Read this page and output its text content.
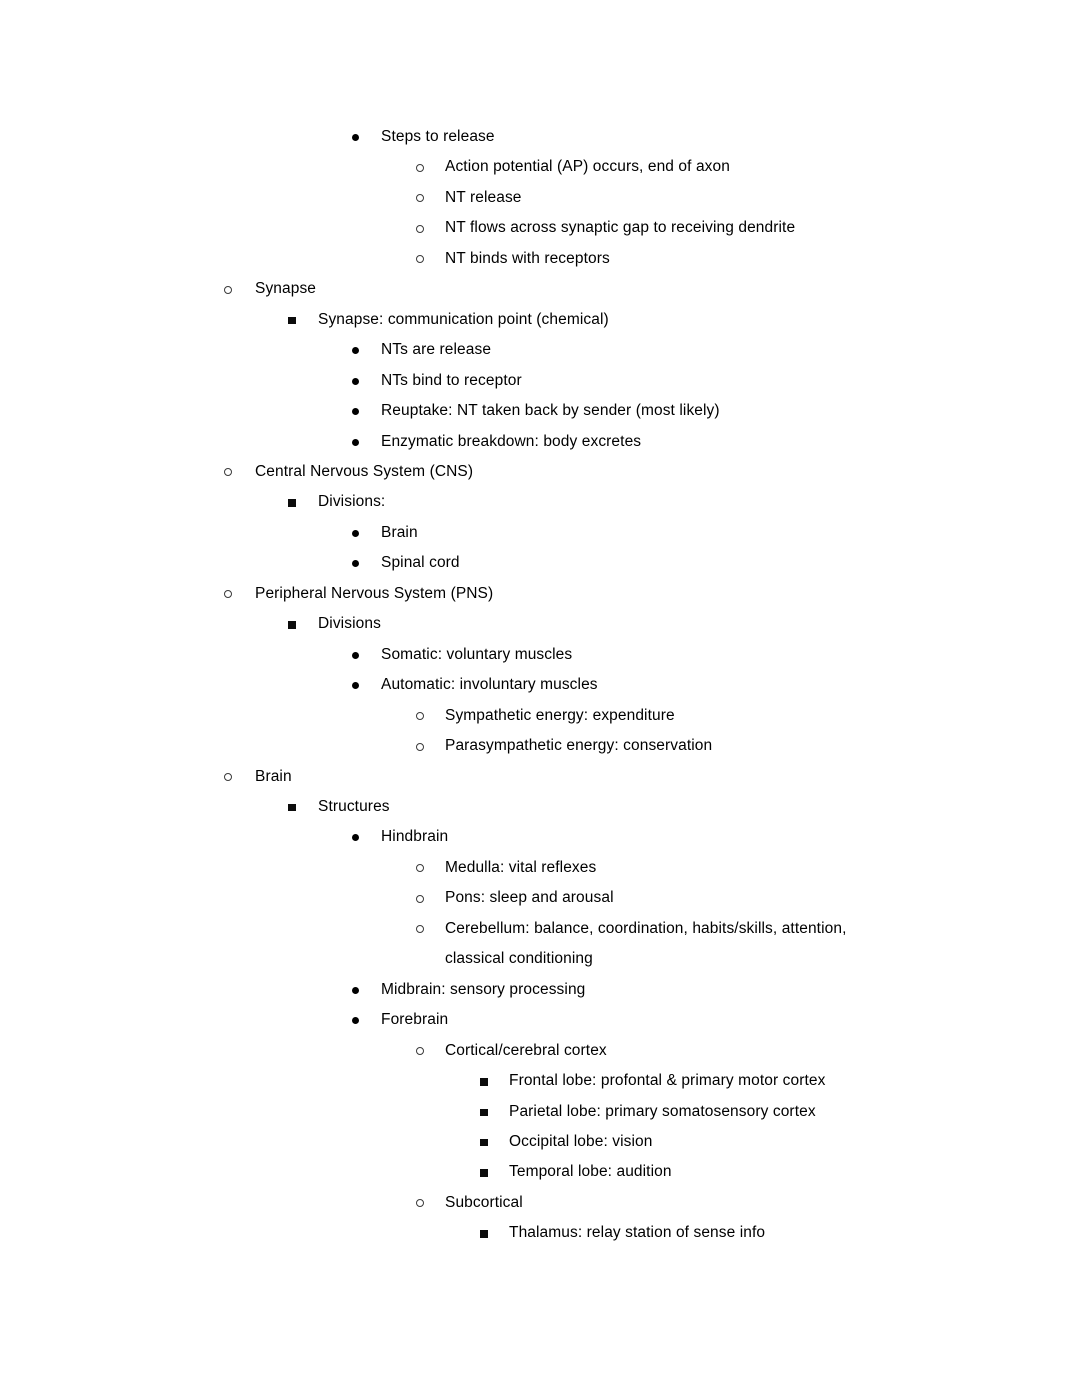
Steps to release
Action potential (AP) occurs, end of axon
NT release
NT flows across synaptic gap to receiving dendrite
NT binds with receptors
Synapse
Synapse: communication point (chemical)
NTs are release
NTs bind to receptor
Reuptake: NT taken back by sender (most likely)
Enzymatic breakdown: body excretes
Central Nervous System (CNS)
Divisions:
Brain
Spinal cord
Peripheral Nervous System (PNS)
Divisions
Somatic: voluntary muscles
Automatic: involuntary muscles
Sympathetic energy: expenditure
Parasympathetic energy: conservation
Brain
Structures
Hindbrain
Medulla: vital reflexes
Pons: sleep and arousal
Cerebellum: balance, coordination, habits/skills, attention, classical conditioning
Midbrain: sensory processing
Forebrain
Cortical/cerebral cortex
Frontal lobe: profontal & primary motor cortex
Parietal lobe: primary somatosensory cortex
Occipital lobe: vision
Temporal lobe: audition
Subcortical
Thalamus: relay station of sense info
